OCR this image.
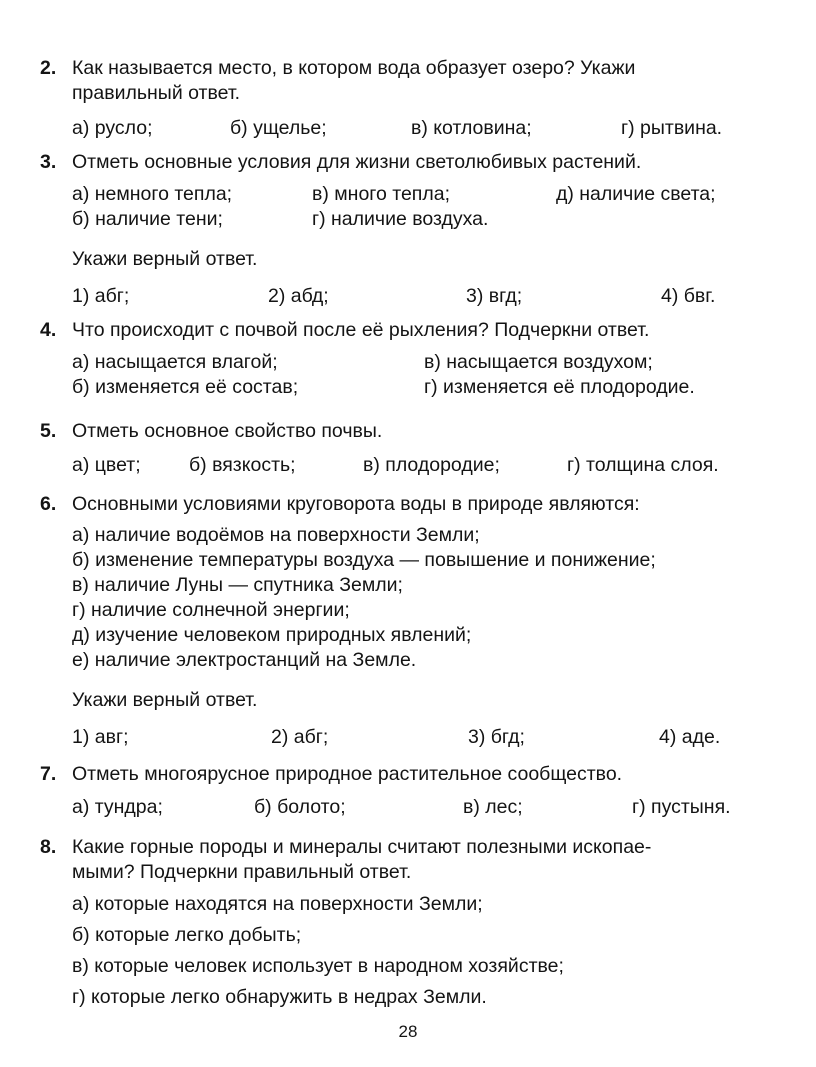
2. Как называется место, в котором вода образует озеро? Укажи
правильный ответ.
а) русло;	б) ущелье;	в) котловина;	г) рытвина.
3. Отметь основные условия для жизни светолюбивых растений.
а) немного тепла;	в) много тепла;	д) наличие света;
б) наличие тени;	г) наличие воздуха.
Укажи верный ответ.
1) абг;	2) абд;	3) вгд;	4) бвг.
4. Что происходит с почвой после её рыхления? Подчеркни ответ.
а) насыщается влагой;	в) насыщается воздухом;
б) изменяется её состав;	г) изменяется её плодородие.
5. Отметь основное свойство почвы.
а) цвет; б) вязкость;	в) плодородие;	г) толщина слоя.
6. Основными условиями круговорота воды в природе являются:
а) наличие водоёмов на поверхности Земли;
б) изменение температуры воздуха — повышение и понижение;
в) наличие Луны — спутника Земли;
г) наличие солнечной энергии;
д) изучение человеком природных явлений;
е) наличие электростанций на Земле.
Укажи верный ответ.
1) авг;	2) абг;	3) бгд;	4) аде.
7. Отметь многоярусное природное растительное сообщество.
а) тундра;	б) болото;	в) лес;	г) пустыня.
8. Какие горные породы и минералы считают полезными ископае-
мыми? Подчеркни правильный ответ.
а) которые находятся на поверхности Земли;
б) которые легко добыть;
в) которые человек использует в народном хозяйстве;
г) которые легко обнаружить в недрах Земли.
28
